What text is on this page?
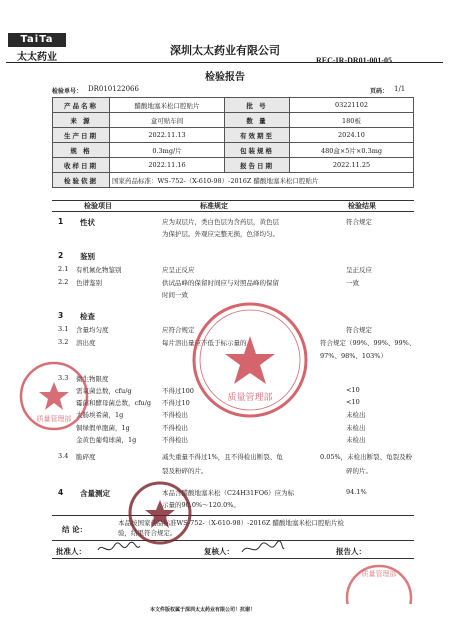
TaiTa
太太药业
深圳太太药业有限公司
REC-IR-DR01-001-05
检验报告
检验单号： DR010122066	页码： 1/1
产品名称	醋酸地塞米松口腔贴片	批 号	03221102
来 源	盒可贴车间	数 量	180板
生产日期	2022.11.13	有效期至	2024.10
规 格	0.3mg/片	包装规格	480盒×5片×0.3mg
收样日期	2022.11.16	报告日期	2022.11.25
检验依据	国家药品标准：WS-752-（X-610-98）-2016Z 醋酸地塞米松口腔贴片		
检验项目	标准规定	检验结果
1 性状	应为双层片，类白色层为含药层，黄色层	符合规定
为保护层。外观应完整无损，色泽均匀。
2 鉴别
2.1 有机氟化物鉴别	应呈正反应	呈正反应
2.2 色谱鉴别	供试品峰的保留时间应与对照品峰的保留	一致
时间一致
3 检查
3.1 含量均匀度	应符合规定	符合规定
3.2 溶出度	每片溶出量应不低于标示量的	符合规定（99%、99%、99%、
97%、98%、103%）
3.3 微生物限度
需氧菌总数，cfu/g	不得过100	<10
霉菌和酵母菌总数，cfu/g 不得过10	<10
大肠埃希菌，1g	不得检出	未检出
铜绿假单胞菌，1g	不得检出	未检出
金黄色葡萄球菌，1g	不得检出	未检出
3.4 脆碎度	减失重量不得过1%，且不得检出断裂、龟	0.05%，未检出断裂、龟裂及粉
裂及粉碎的片。	碎的片。
4 含量测定	本品含醋酸地塞米松（C24H31FO6）应为标	94.1%
示量的90.0%～120.0%。
结 论：
本品按国家药品标准WS-752-（X-610-98）-2016Z 醋酸地塞米松口腔贴片检
验，结果符合规定。
批准人：	复核人：	报告人：
本文件版权属于深圳太太药业有限公司！抗谢！
质量管理部
质量管理部
质量管理部
